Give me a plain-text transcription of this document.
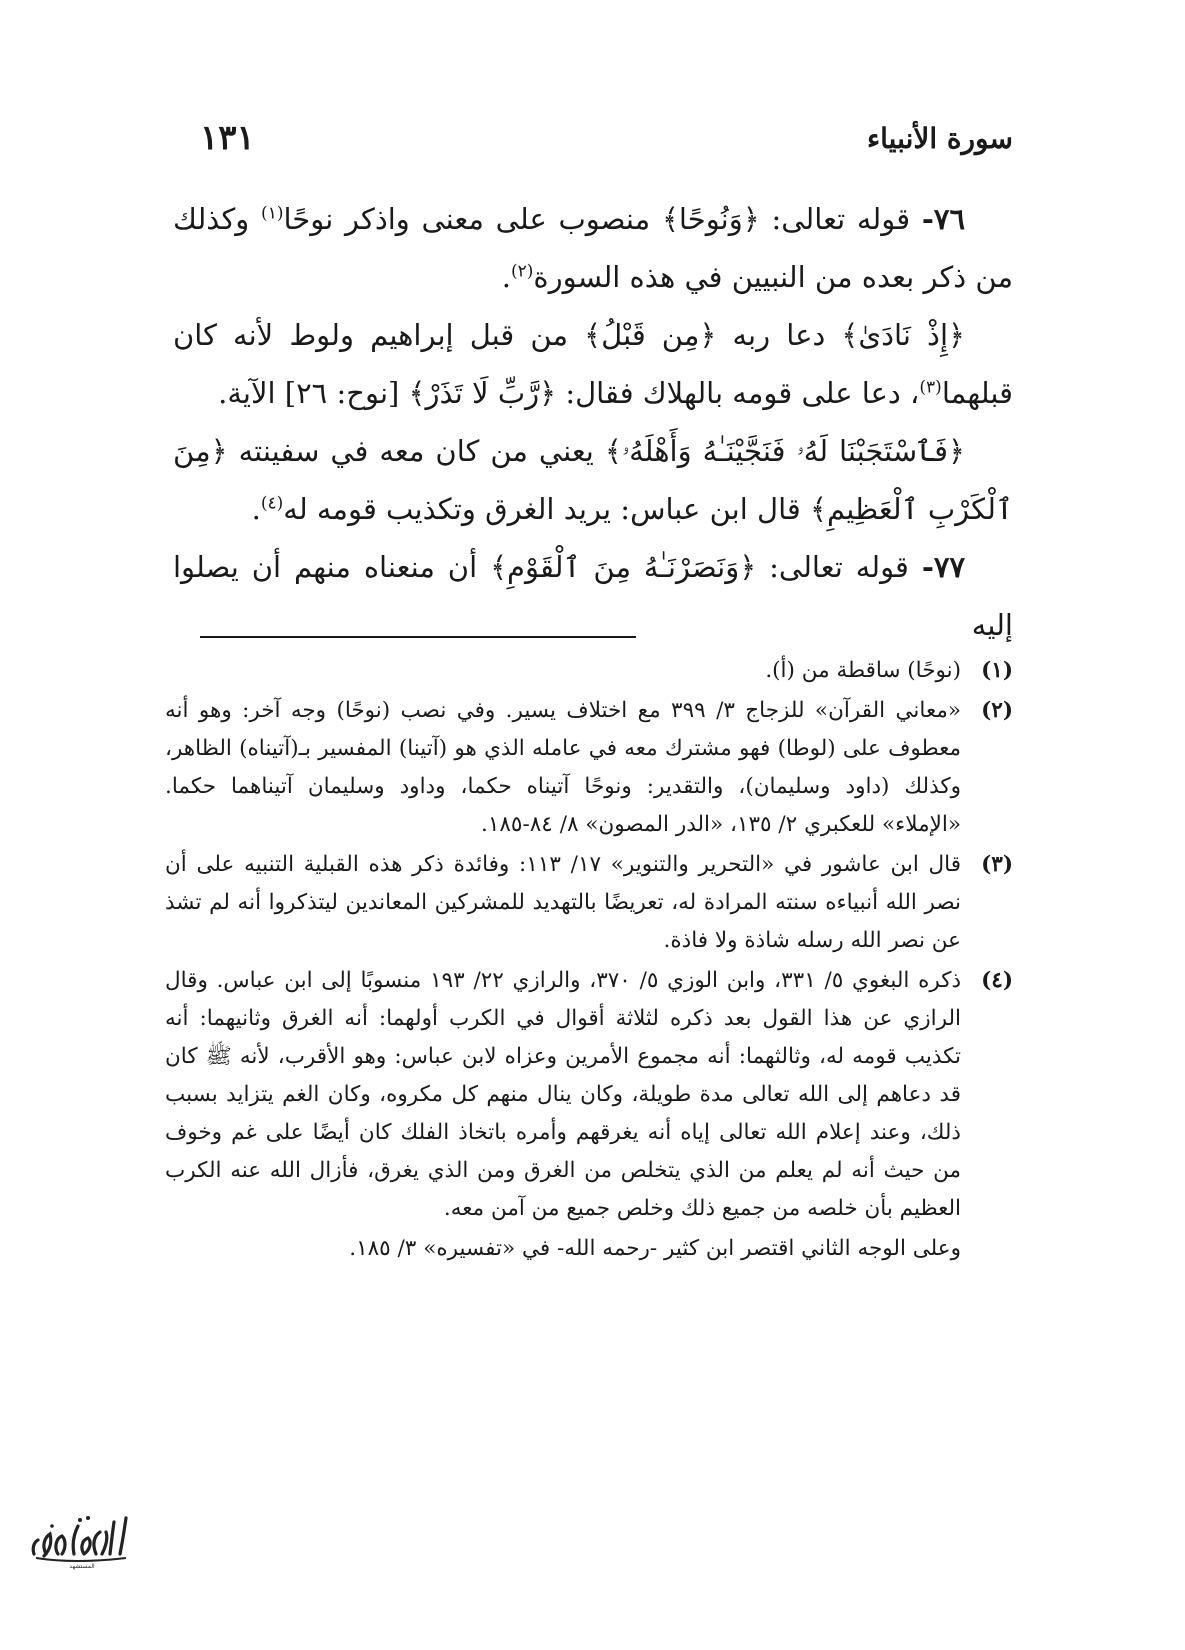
سورة الأنبياء
١٣١

٧٦- قوله تعالى: ﴿وَنُوحًا﴾ منصوب على معنى واذكر نوحًا$^{(١)}$ وكذلك من ذكر بعده من النبيين في هذه السورة$^{(٢)}$.

﴿إِذْ نَادَىٰ﴾ دعا ربه ﴿مِن قَبْلُ﴾ من قبل إبراهيم ولوط لأنه كان قبلهما$^{(٣)}$، دعا على قومه بالهلاك فقال: ﴿رَّبِّ لَا تَذَرْ﴾ [نوح: ٢٦] الآية.

﴿فَٱسْتَجَبْنَا لَهُۥ فَنَجَّيْنَـٰهُ وَأَهْلَهُۥ﴾ يعني من كان معه في سفينته ﴿مِنَ ٱلْكَرْبِ ٱلْعَظِيمِ﴾ قال ابن عباس: يريد الغرق وتكذيب قومه له$^{(٤)}$.

٧٧- قوله تعالى: ﴿وَنَصَرْنَـٰهُ مِنَ ٱلْقَوْمِ﴾ أن منعناه منهم أن يصلوا إليه

(١)
(نوحًا) ساقطة من (أ).

(٢)
«معاني القرآن» للزجاج ٣/ ٣٩٩ مع اختلاف يسير. وفي نصب (نوحًا) وجه آخر: وهو أنه معطوف على (لوطا) فهو مشترك معه في عامله الذي هو (آتينا) المفسير بـ(آتيناه) الظاهر، وكذلك (داود وسليمان)، والتقدير: ونوحًا آتيناه حكما، وداود وسليمان آتيناهما حكما. «الإملاء» للعكبري ٢/ ١٣٥، «الدر المصون» ٨/ ٨٤-١٨٥.

(٣)
قال ابن عاشور في «التحرير والتنوير» ١٧/ ١١٣: وفائدة ذكر هذه القبلية التنبيه على أن نصر الله أنبياءه سنته المرادة له، تعريضًا بالتهديد للمشركين المعاندين ليتذكروا أنه لم تشذ عن نصر الله رسله شاذة ولا فاذة.

(٤)
ذكره البغوي ٥/ ٣٣١، وابن الوزي ٥/ ٣٧٠، والرازي ٢٢/ ١٩٣ منسوبًا إلى ابن عباس. وقال الرازي عن هذا القول بعد ذكره لثلاثة أقوال في الكرب أولهما: أنه الغرق وثانيهما: أنه تكذيب قومه له، وثالثهما: أنه مجموع الأمرين وعزاه لابن عباس: وهو الأقرب، لأنه ﷺ كان قد دعاهم إلى الله تعالى مدة طويلة، وكان ينال منهم كل مكروه، وكان الغم يتزايد بسبب ذلك، وعند إعلام الله تعالى إياه أنه يغرقهم وأمره باتخاذ الفلك كان أيضًا على غم وخوف من حيث أنه لم يعلم من الذي يتخلص من الغرق ومن الذي يغرق، فأزال الله عنه الكرب العظيم بأن خلصه من جميع ذلك وخلص جميع من آمن معه.

وعلى الوجه الثاني اقتصر ابن كثير -رحمه الله- في «تفسيره» ٣/ ١٨٥.

المستشهد
